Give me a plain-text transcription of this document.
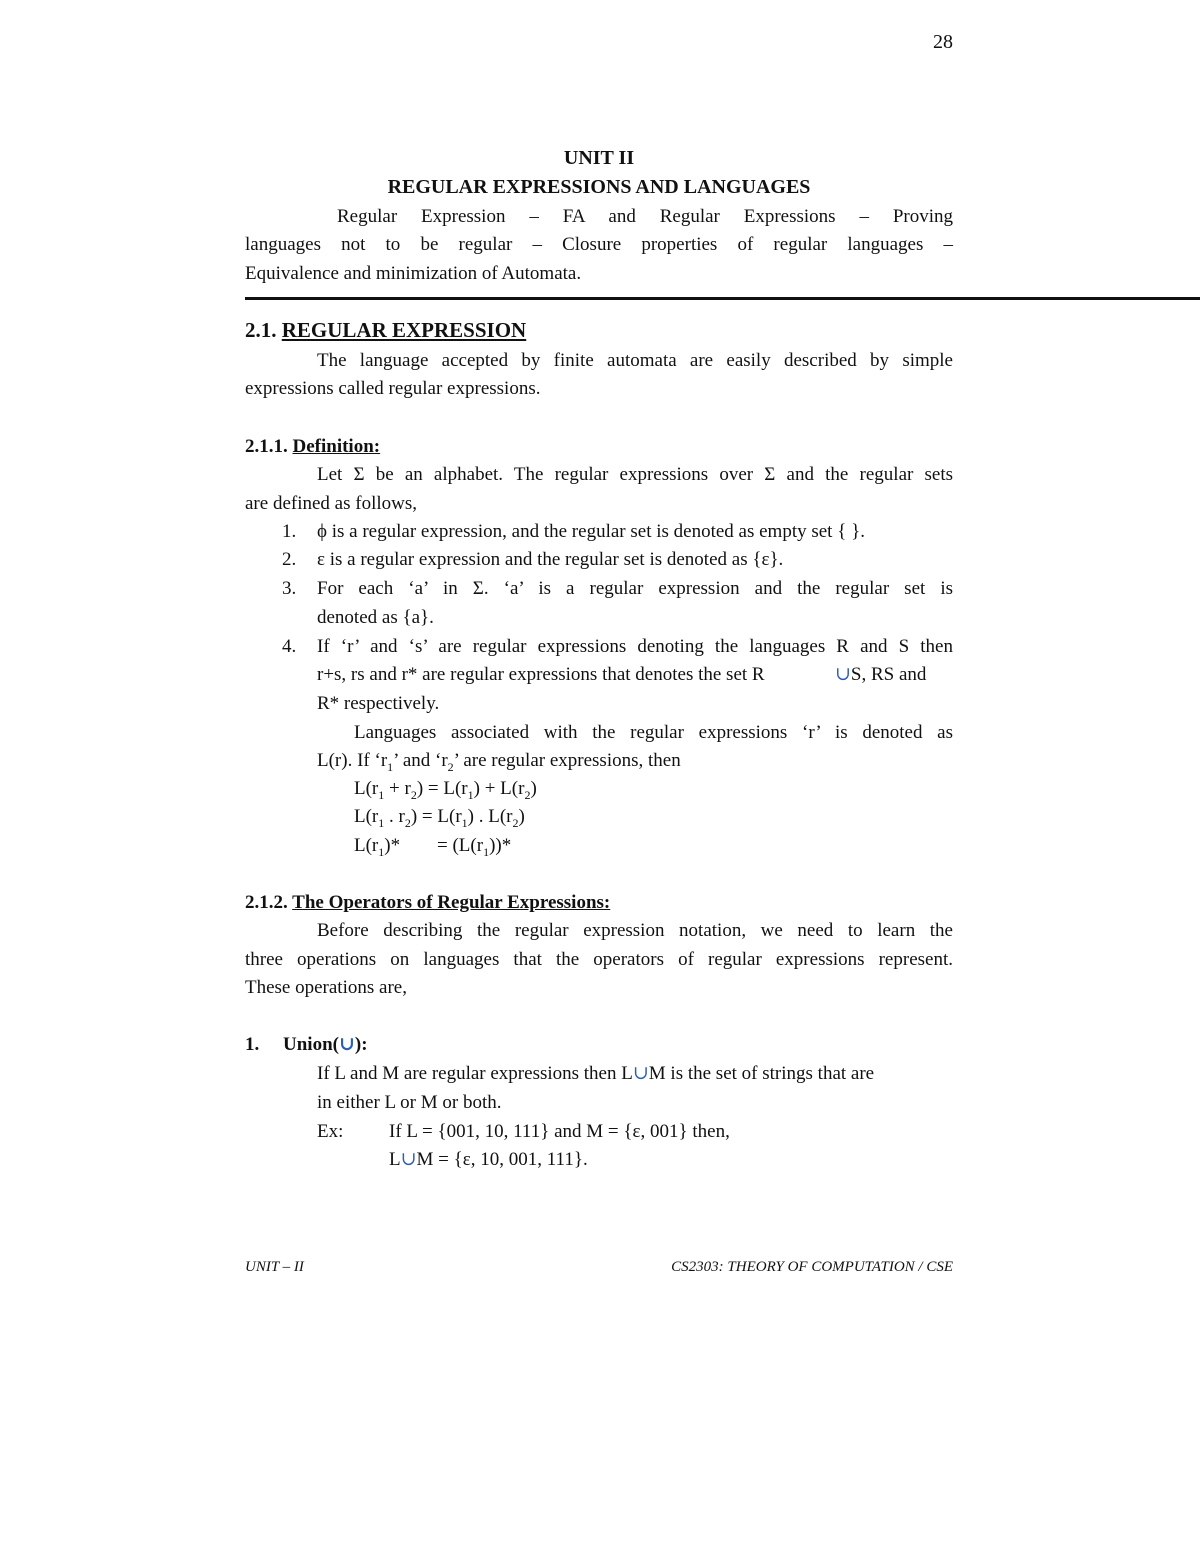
28
UNIT II
REGULAR EXPRESSIONS AND LANGUAGES
Regular Expression – FA and Regular Expressions – Proving
languages not to be regular – Closure properties of regular languages –
Equivalence and minimization of Automata.
2.1. REGULAR EXPRESSION
The language accepted by finite automata are easily described by simple
expressions called regular expressions.
2.1.1. Definition:
Let Σ be an alphabet. The regular expressions over Σ and the regular sets
are defined as follows,
1. ϕ is a regular expression, and the regular set is denoted as empty set { }.
2. ε is a regular expression and the regular set is denoted as {ε}.
3. For each ‘a’ in Σ. ‘a’ is a regular expression and the regular set is
denoted as {a}.
4. If ‘r’ and ‘s’ are regular expressions denoting the languages R and S then
r+s, rs and r* are regular expressions that denotes the set R	∪S, RS and
R* respectively.
Languages associated with the regular expressions ‘r’ is denoted as
L(r). If ‘$r_1$’ and ‘$r_2$’ are regular expressions, then
$L(r_1 + r_2) = L(r_1) + L(r_2)$
$L(r_1$ . $r_2) = L(r_1)$ . $L(r_2)$
$L(r_1)* = (L(r_1))*$
2.1.2. The Operators of Regular Expressions:
Before describing the regular expression notation, we need to learn the
three operations on languages that the operators of regular expressions represent.
These operations are,
1. Union(∪):
If L and M are regular expressions then L∪M is the set of strings that are
in either L or M or both.
Ex: If L = {001, 10, 111} and M = {ε, 001} then,
L∪M = {ε, 10, 001, 111}.
UNIT – II	CS2303: THEORY OF COMPUTATION / CSE
